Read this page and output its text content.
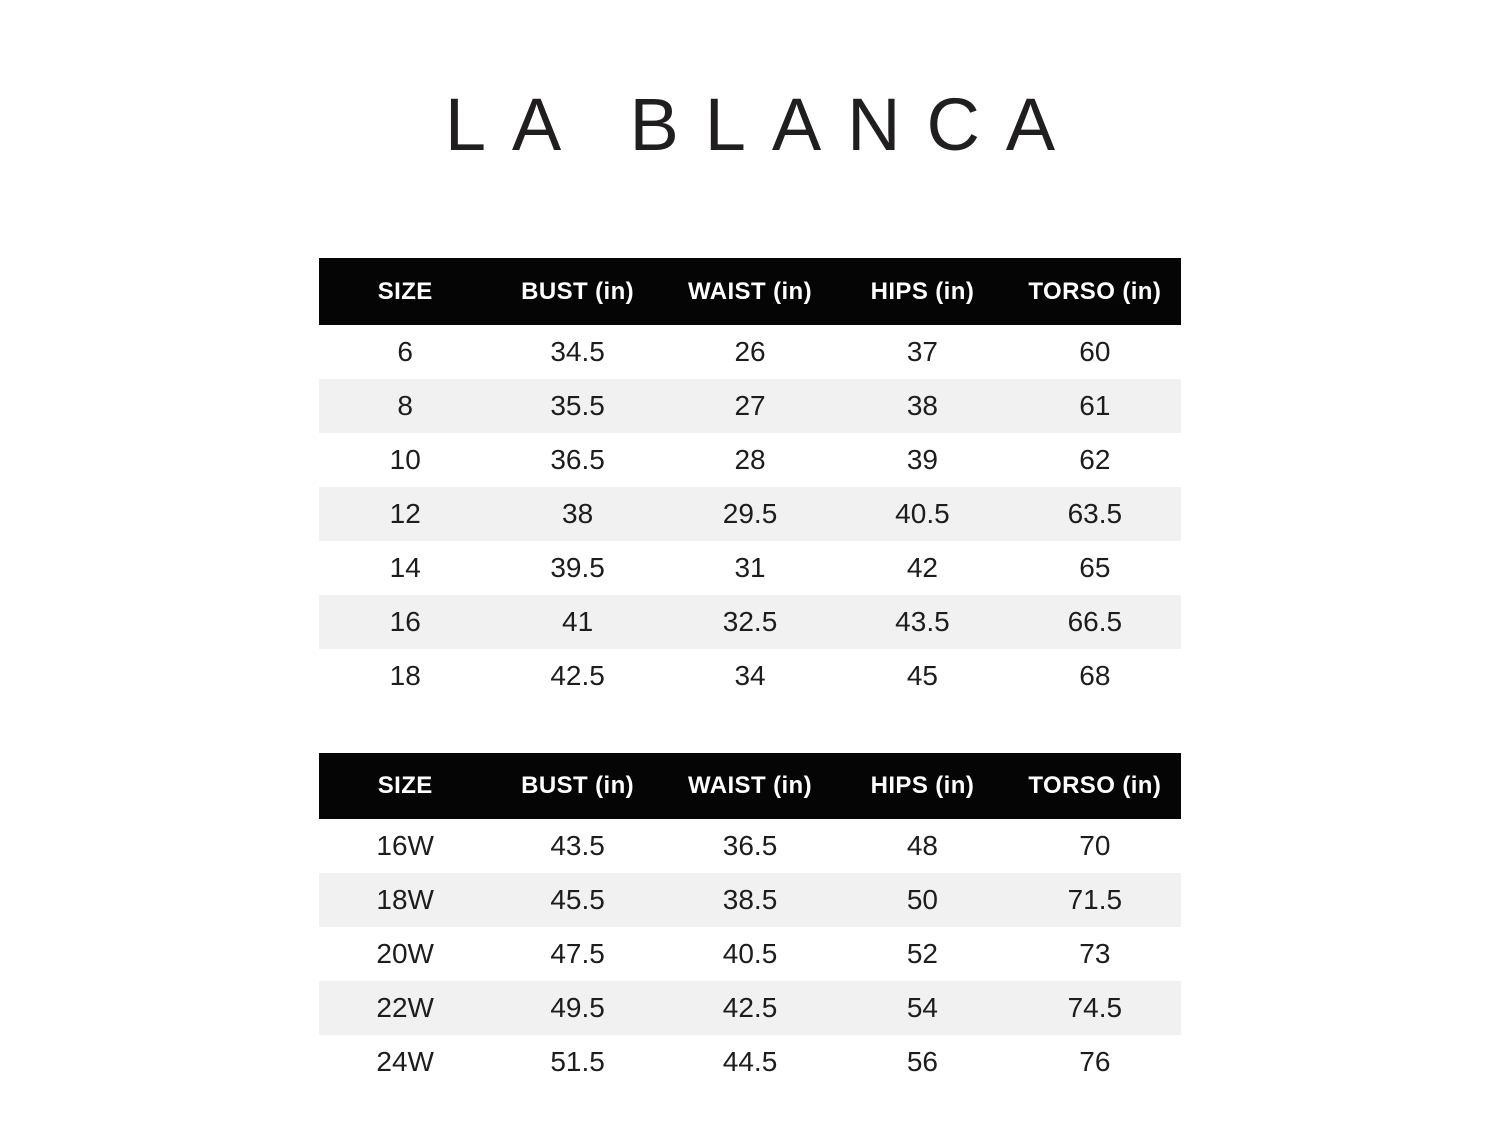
LA BLANCA
SIZE	BUST (in)	WAIST (in)	HIPS (in)	TORSO (in)
6	34.5	26	37	60
8	35.5	27	38	61
10	36.5	28	39	62
12	38	29.5	40.5	63.5
14	39.5	31	42	65
16	41	32.5	43.5	66.5
18	42.5	34	45	68
SIZE	BUST (in)	WAIST (in)	HIPS (in)	TORSO (in)
16W	43.5	36.5	48	70
18W	45.5	38.5	50	71.5
20W	47.5	40.5	52	73
22W	49.5	42.5	54	74.5
24W	51.5	44.5	56	76
